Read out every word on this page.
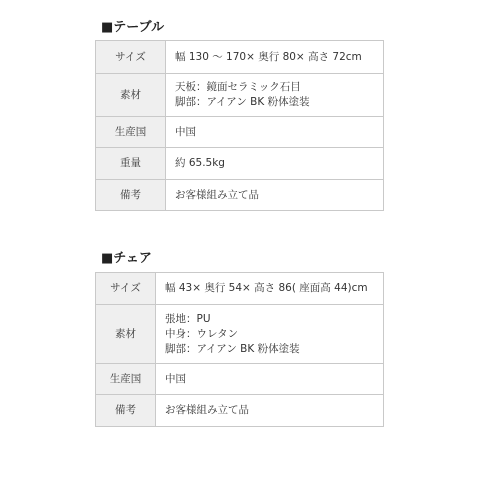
■テーブル
サイズ	幅 130 〜 170× 奥行 80× 高さ 72cm

素材	天板：鏡面セラミック石目
脚部：アイアン BK 粉体塗装

生産国	中国

重量	約 65.5kg

備考	お客様組み立て品
■チェア
サイズ	幅 43× 奥行 54× 高さ 86( 座面高 44)cm

素材	張地：PU
中身：ウレタン
脚部：アイアン BK 粉体塗装

生産国	中国

備考	お客様組み立て品
